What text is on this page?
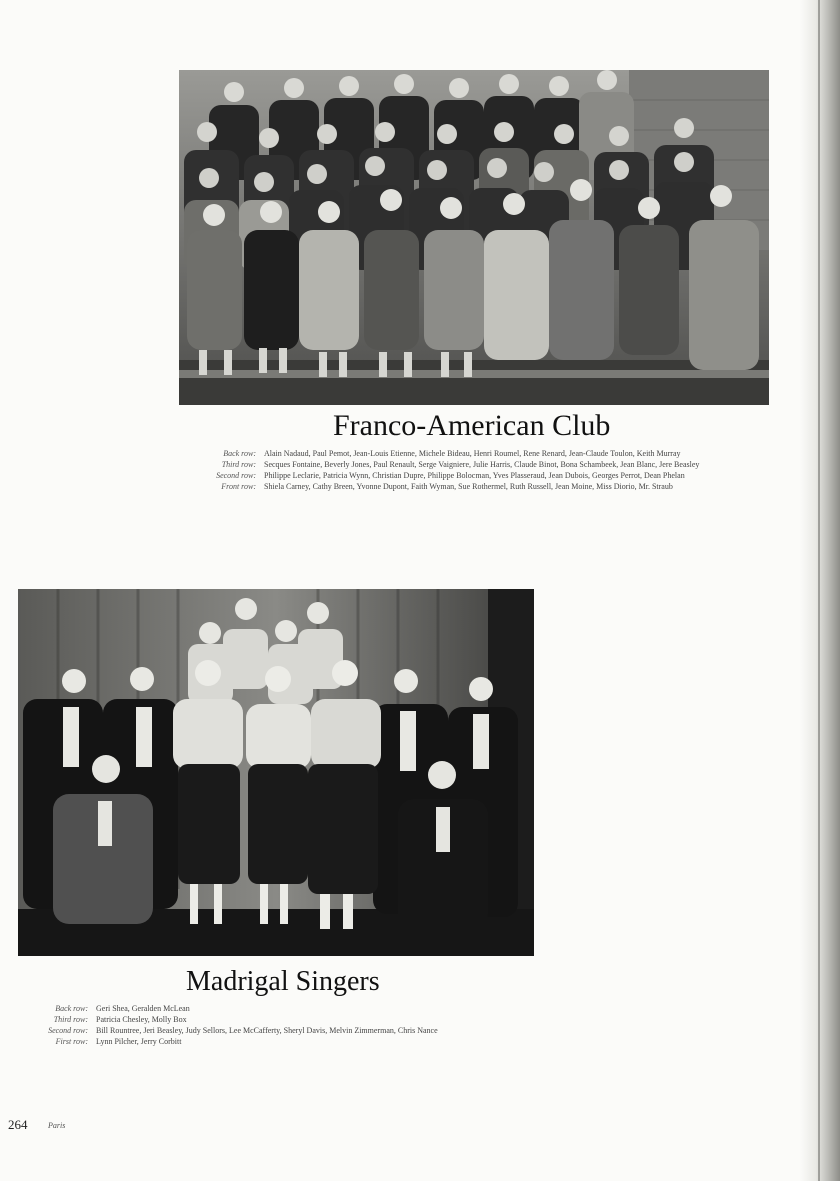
Franco-American Club
Back row:	Alain Nadaud, Paul Pemot, Jean-Louis Etienne, Michele Bideau, Henri Roumel, Rene Renard, Jean-Claude Toulon, Keith Murray
Third row:	Secques Fontaine, Beverly Jones, Paul Renault, Serge Vaigniere, Julie Harris, Claude Binot, Bona Schambeek, Jean Blanc, Jere Beasley
Second row:	Philippe Leclarie, Patricia Wynn, Christian Dupre, Philippe Bolocman, Yves Plasseraud, Jean Dubois, Georges Perrot, Dean Phelan
Front row:	Shiela Carney, Cathy Breen, Yvonne Dupont, Faith Wyman, Sue Rothermel, Ruth Russell, Jean Moine, Miss Diorio, Mr. Straub
Madrigal Singers
Back row:	Geri Shea, Geralden McLean
Third row:	Patricia Chesley, Molly Box
Second row:	Bill Rountree, Jeri Beasley, Judy Sellors, Lee McCafferty, Sheryl Davis, Melvin Zimmerman, Chris Nance
First row:	Lynn Pilcher, Jerry Corbitt
264	Paris
